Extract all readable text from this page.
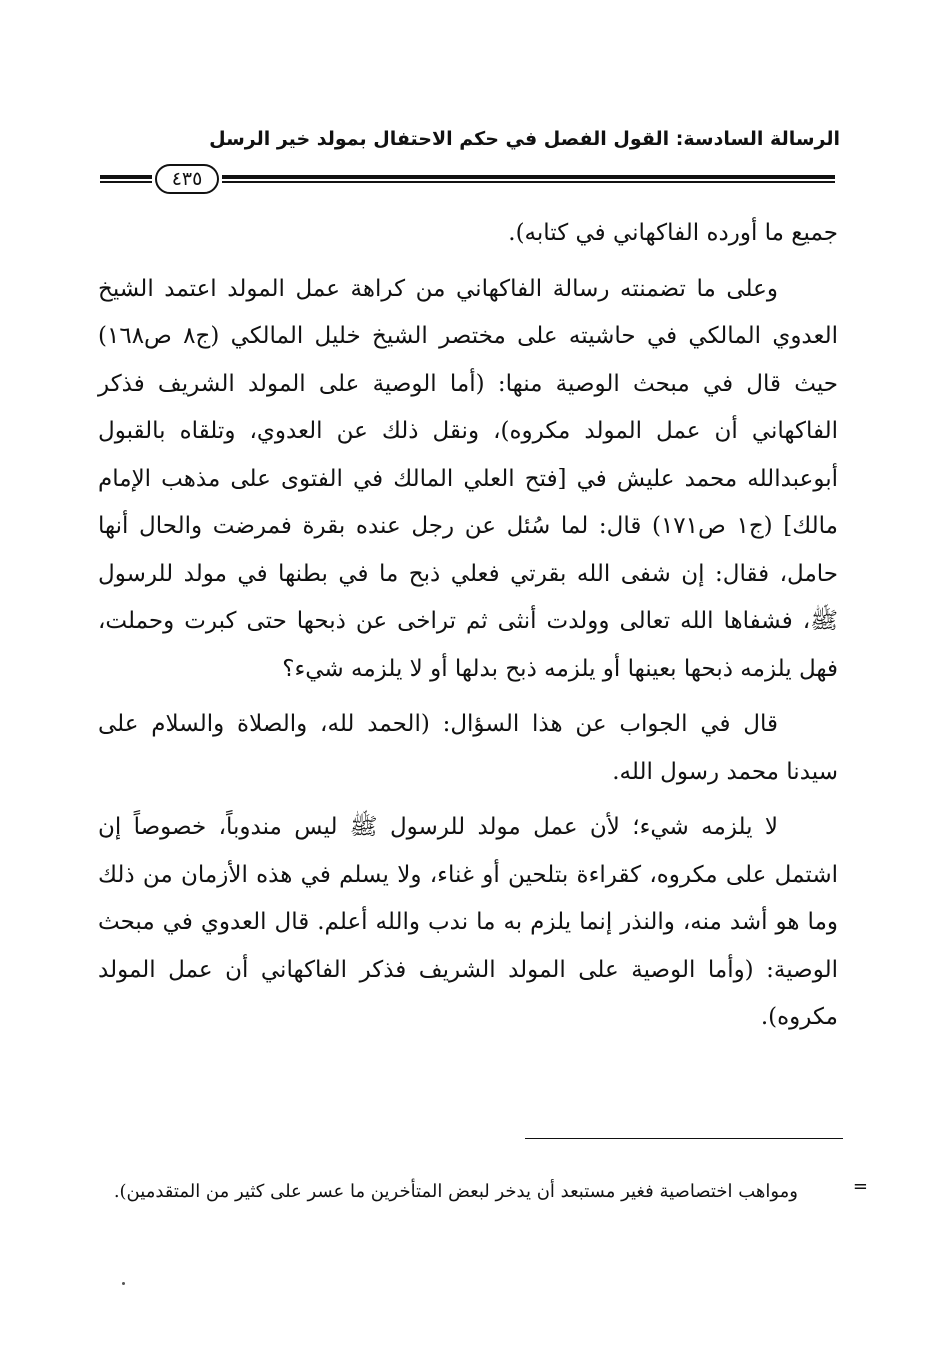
الرسالة السادسة: القول الفصل في حكم الاحتفال بمولد خير الرسل
٤٣٥

جميع ما أورده الفاكهاني في كتابه).

وعلى ما تضمنته رسالة الفاكهاني من كراهة عمل المولد اعتمد الشيخ العدوي المالكي في حاشيته على مختصر الشيخ خليل المالكي (ج٨ ص١٦٨) حيث قال في مبحث الوصية منها: (أما الوصية على المولد الشريف فذكر الفاكهاني أن عمل المولد مكروه)، ونقل ذلك عن العدوي، وتلقاه بالقبول أبوعبدالله محمد عليش في [فتح العلي المالك في الفتوى على مذهب الإمام مالك] (ج١ ص١٧١) قال: لما سُئل عن رجل عنده بقرة فمرضت والحال أنها حامل، فقال: إن شفى الله بقرتي فعلي ذبح ما في بطنها في مولد للرسول ﷺ، فشفاها الله تعالى وولدت أنثى ثم تراخى عن ذبحها حتى كبرت وحملت، فهل يلزمه ذبحها بعينها أو يلزمه ذبح بدلها أو لا يلزمه شيء؟

قال في الجواب عن هذا السؤال: (الحمد لله، والصلاة والسلام على سيدنا محمد رسول الله.

لا يلزمه شيء؛ لأن عمل مولد للرسول ﷺ ليس مندوباً، خصوصاً إن اشتمل على مكروه، كقراءة بتلحين أو غناء، ولا يسلم في هذه الأزمان من ذلك وما هو أشد منه، والنذر إنما يلزم به ما ندب والله أعلم. قال العدوي في مبحث الوصية: (وأما الوصية على المولد الشريف فذكر الفاكهاني أن عمل المولد مكروه).

=

ومواهب اختصاصية فغير مستبعد أن يدخر لبعض المتأخرين ما عسر على كثير من المتقدمين).
